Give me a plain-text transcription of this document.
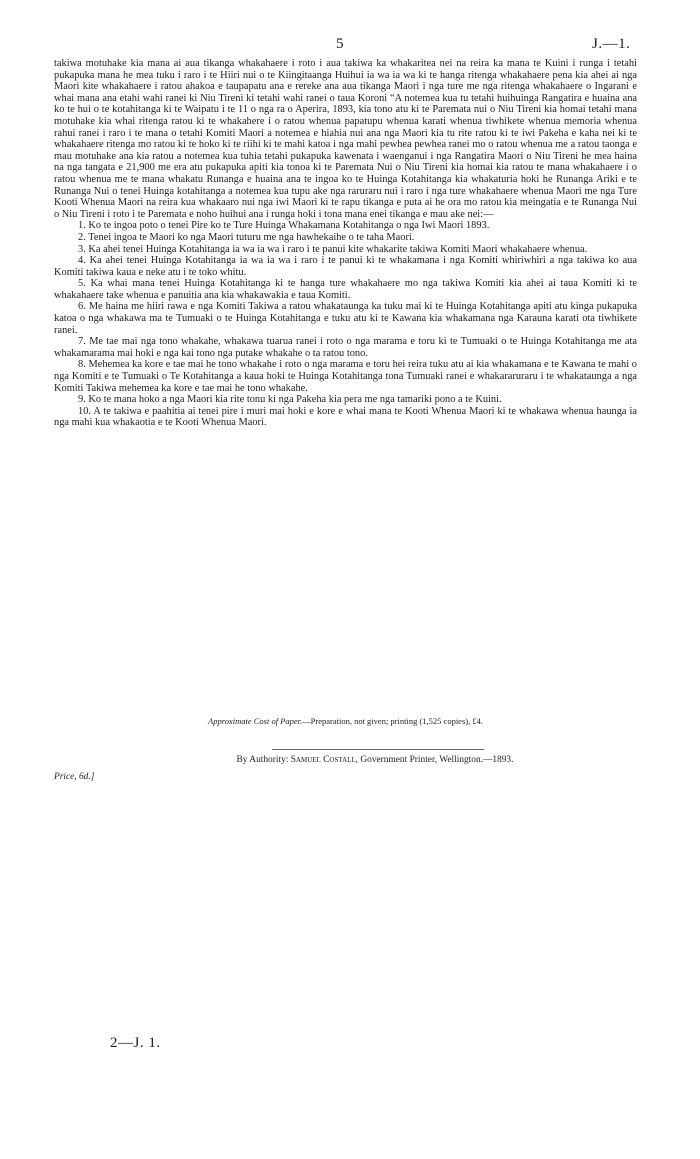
5	J.—1.

takiwa motuhake kia mana ai aua tikanga whakahaere i roto i aua takiwa ka whakaritea nei na reira ka mana te Kuini i runga i tetahi pukapuka mana he mea tuku i raro i te Hiiri nui o te Kiingitaanga Huihui ia wa ia wa ki te hanga ritenga whakahaere pena kia ahei ai nga Maori kite whakahaere i ratou ahakoa e taupapatu ana e rereke ana aua tikanga Maori i nga ture me nga ritenga whakahaere o Ingarani e whai mana ana etahi wahi ranei ki Niu Tireni ki tetahi wahi ranei o taua Koroni “A notemea kua tu tetahi huihuinga Rangatira e huaina ana ko te hui o te kotahitanga ki te Waipatu i te 11 o nga ra o Aperira, 1893, kia tono atu ki te Paremata nui o Niu Tireni kia homai tetahi mana motuhake kia whai ritenga ratou ki te whakahere i o ratou whenua papatupu whenua karati whenua tiwhikete whenua memoria whenua rahui ranei i raro i te mana o tetahi Komiti Maori a notemea e hiahia nui ana nga Maori kia tu rite ratou ki te iwi Pakeha e kaha nei ki te whakahaere ritenga mo ratou ki te hoko ki te riihi ki te mahi katoa i nga mahi pewhea pewhea ranei mo o ratou whenua me a ratou taonga e mau motuhake ana kia ratou a notemea kua tuhia tetahi pukapuka kawenata i waenganui i nga Rangatira Maori o Niu Tireni he mea haina na nga tangata e 21,900 me era atu pukapuka apiti kia tonoa ki te Paremata Nui o Niu Tireni kia homai kia ratou te mana whakahaere i o ratou whenua me te mana whakatu Runanga e huaina ana te ingoa ko te Huinga Kotahitanga kia whakaturia hoki he Runanga Ariki e te Runanga Nui o tenei Huinga kotahitanga a notemea kua tupu ake nga raruraru nui i raro i nga ture whakahaere whenua Maori me nga Ture Kooti Whenua Maori na reira kua whakaaro nui nga iwi Maori ki te rapu tikanga e puta ai he ora mo ratou kia meingatia e te Runanga Nui o Niu Tireni i roto i te Paremata e noho huihui ana i runga hoki i tona mana enei tikanga e mau ake nei:—

1. Ko te ingoa poto o tenei Pire ko te Ture Huinga Whakamana Kotahitanga o nga Iwi Maori 1893.
2. Tenei ingoa te Maori ko nga Maori tuturu me nga hawhekaihe o te taha Maori.
3. Ka ahei tenei Huinga Kotahitanga ia wa ia wa i raro i te panui kite whakarite takiwa Komiti Maori whakahaere whenua.
4. Ka ahei tenei Huinga Kotahitanga ia wa ia wa i raro i te panui ki te whakamana i nga Komiti whiriwhiri a nga takiwa ko aua Komiti takiwa kaua e neke atu i te toko whitu.
5. Ka whai mana tenei Huinga Kotahitanga ki te hanga ture whakahaere mo nga takiwa Komiti kia ahei ai taua Komiti ki te whakahaere take whenua e panuitia ana kia whakawakia e taua Komiti.
6. Me haina me hiiri rawa e nga Komiti Takiwa a ratou whakataunga ka tuku mai ki te Huinga Kotahitanga apiti atu kinga pukapuka katoa o nga whakawa ma te Tumuaki o te Huinga Kotahitanga e tuku atu ki te Kawana kia whakamana nga Karauna karati ota tiwhikete ranei.
7. Me tae mai nga tono whakahe, whakawa tuarua ranei i roto o nga marama e toru ki te Tumuaki o te Huinga Kotahitanga me ata whakamarama mai hoki e nga kai tono nga putake whakahe o ta ratou tono.
8. Mehemea ka kore e tae mai he tono whakahe i roto o nga marama e toru hei reira tuku atu ai kia whakamana e te Kawana te mahi o nga Komiti e te Tumuaki o Te Kotahitanga a kaua hoki te Huinga Kotahitanga tona Tumuaki ranei e whakararuraru i te whakataunga a nga Komiti Takiwa mehemea ka kore e tae mai he tono whakahe.
9. Ko te mana hoko a nga Maori kia rite tonu ki nga Pakeha kia pera me nga tamariki pono a te Kuini.
10. A te takiwa e paahitia ai tenei pire i muri mai hoki e kore e whai mana te Kooti Whenua Maori ki te whakawa whenua haunga ia nga mahi kua whakaotia e te Kooti Whenua Maori.
Approximate Cost of Paper.—Preparation, not given; printing (1,525 copies), £4.
By Authority: Samuel Costall, Government Printer, Wellington.—1893.
Price, 6d.]
2—J. 1.
